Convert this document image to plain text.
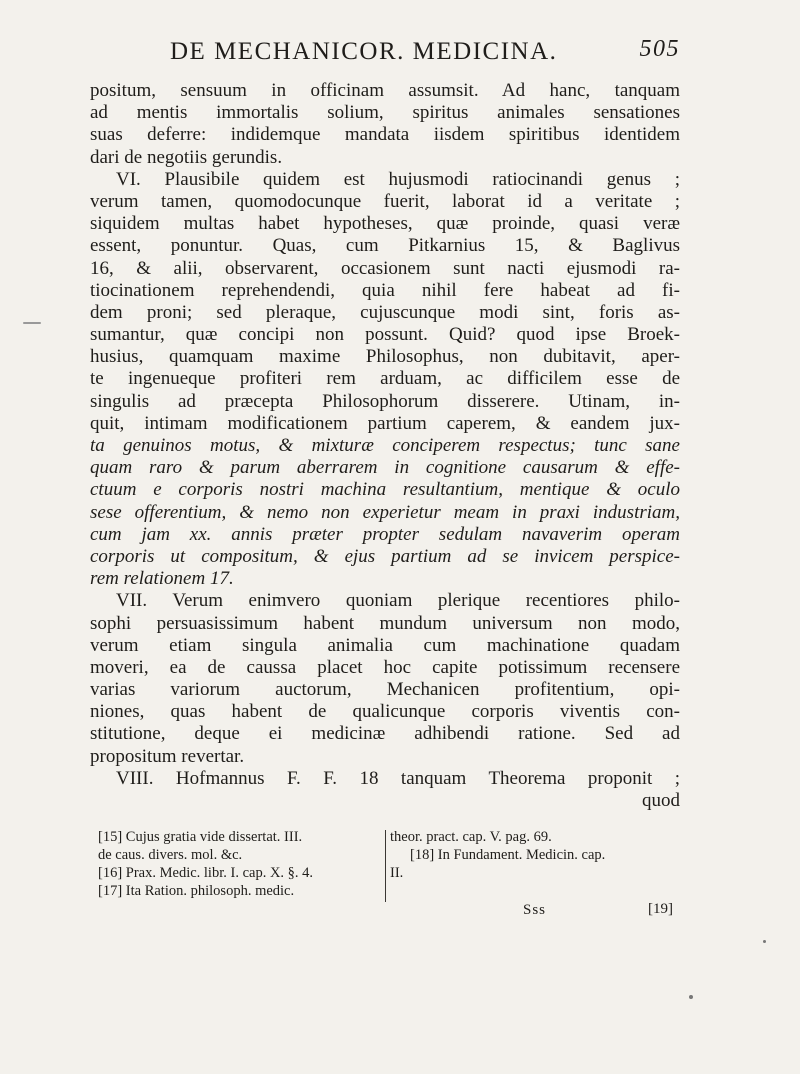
DE MECHANICOR. MEDICINA.	505
positum, sensuum in officinam assumsit. Ad hanc, tanquam
ad mentis immortalis solium, spiritus animales sensationes
suas deferre: indidemque mandata iisdem spiritibus identidem
dari de negotiis gerundis.
VI. Plausibile quidem est hujusmodi ratiocinandi genus ;
verum tamen, quomodocunque fuerit, laborat id a veritate ;
siquidem multas habet hypotheses, quæ proinde, quasi veræ
essent, ponuntur. Quas, cum Pitkarnius 15, & Baglivus
16, & alii, observarent, occasionem sunt nacti ejusmodi ra-
tiocinationem reprehendendi, quia nihil fere habeat ad fi-
dem proni; sed pleraque, cujuscunque modi sint, foris as-
sumantur, quæ concipi non possunt. Quid? quod ipse Broek-
husius, quamquam maxime Philosophus, non dubitavit, aper-
te ingenueque profiteri rem arduam, ac difficilem esse de
singulis ad præcepta Philosophorum disserere. Utinam, in-
quit, intimam modificationem partium caperem, & eandem jux-
ta genuinos motus, & mixturæ conciperem respectus; tunc sane
quam raro & parum aberrarem in cognitione causarum & effe-
ctuum e corporis nostri machina resultantium, mentique & oculo
sese offerentium, & nemo non experietur meam in praxi industriam,
cum jam xx. annis præter propter sedulam navaverim operam
corporis ut compositum, & ejus partium ad se invicem perspice-
rem relationem 17.
VII. Verum enimvero quoniam plerique recentiores philo-
sophi persuasissimum habent mundum universum non modo,
verum etiam singula animalia cum machinatione quadam
moveri, ea de caussa placet hoc capite potissimum recensere
varias variorum auctorum, Mechanicen profitentium, opi-
niones, quas habent de qualicunque corporis viventis con-
stitutione, deque ei medicinæ adhibendi ratione. Sed ad
propositum revertar.
VIII. Hofmannus F. F. 18 tanquam Theorema proponit ;
quod
[15] Cujus gratia vide dissertat. III.
de caus. divers. mol. &c.
[16] Prax. Medic. libr. I. cap. X. §. 4.
[17] Ita Ration. philosoph. medic.
theor. pract. cap. V. pag. 69.
[18] In Fundament. Medicin. cap.
II.
Sss	[19]
